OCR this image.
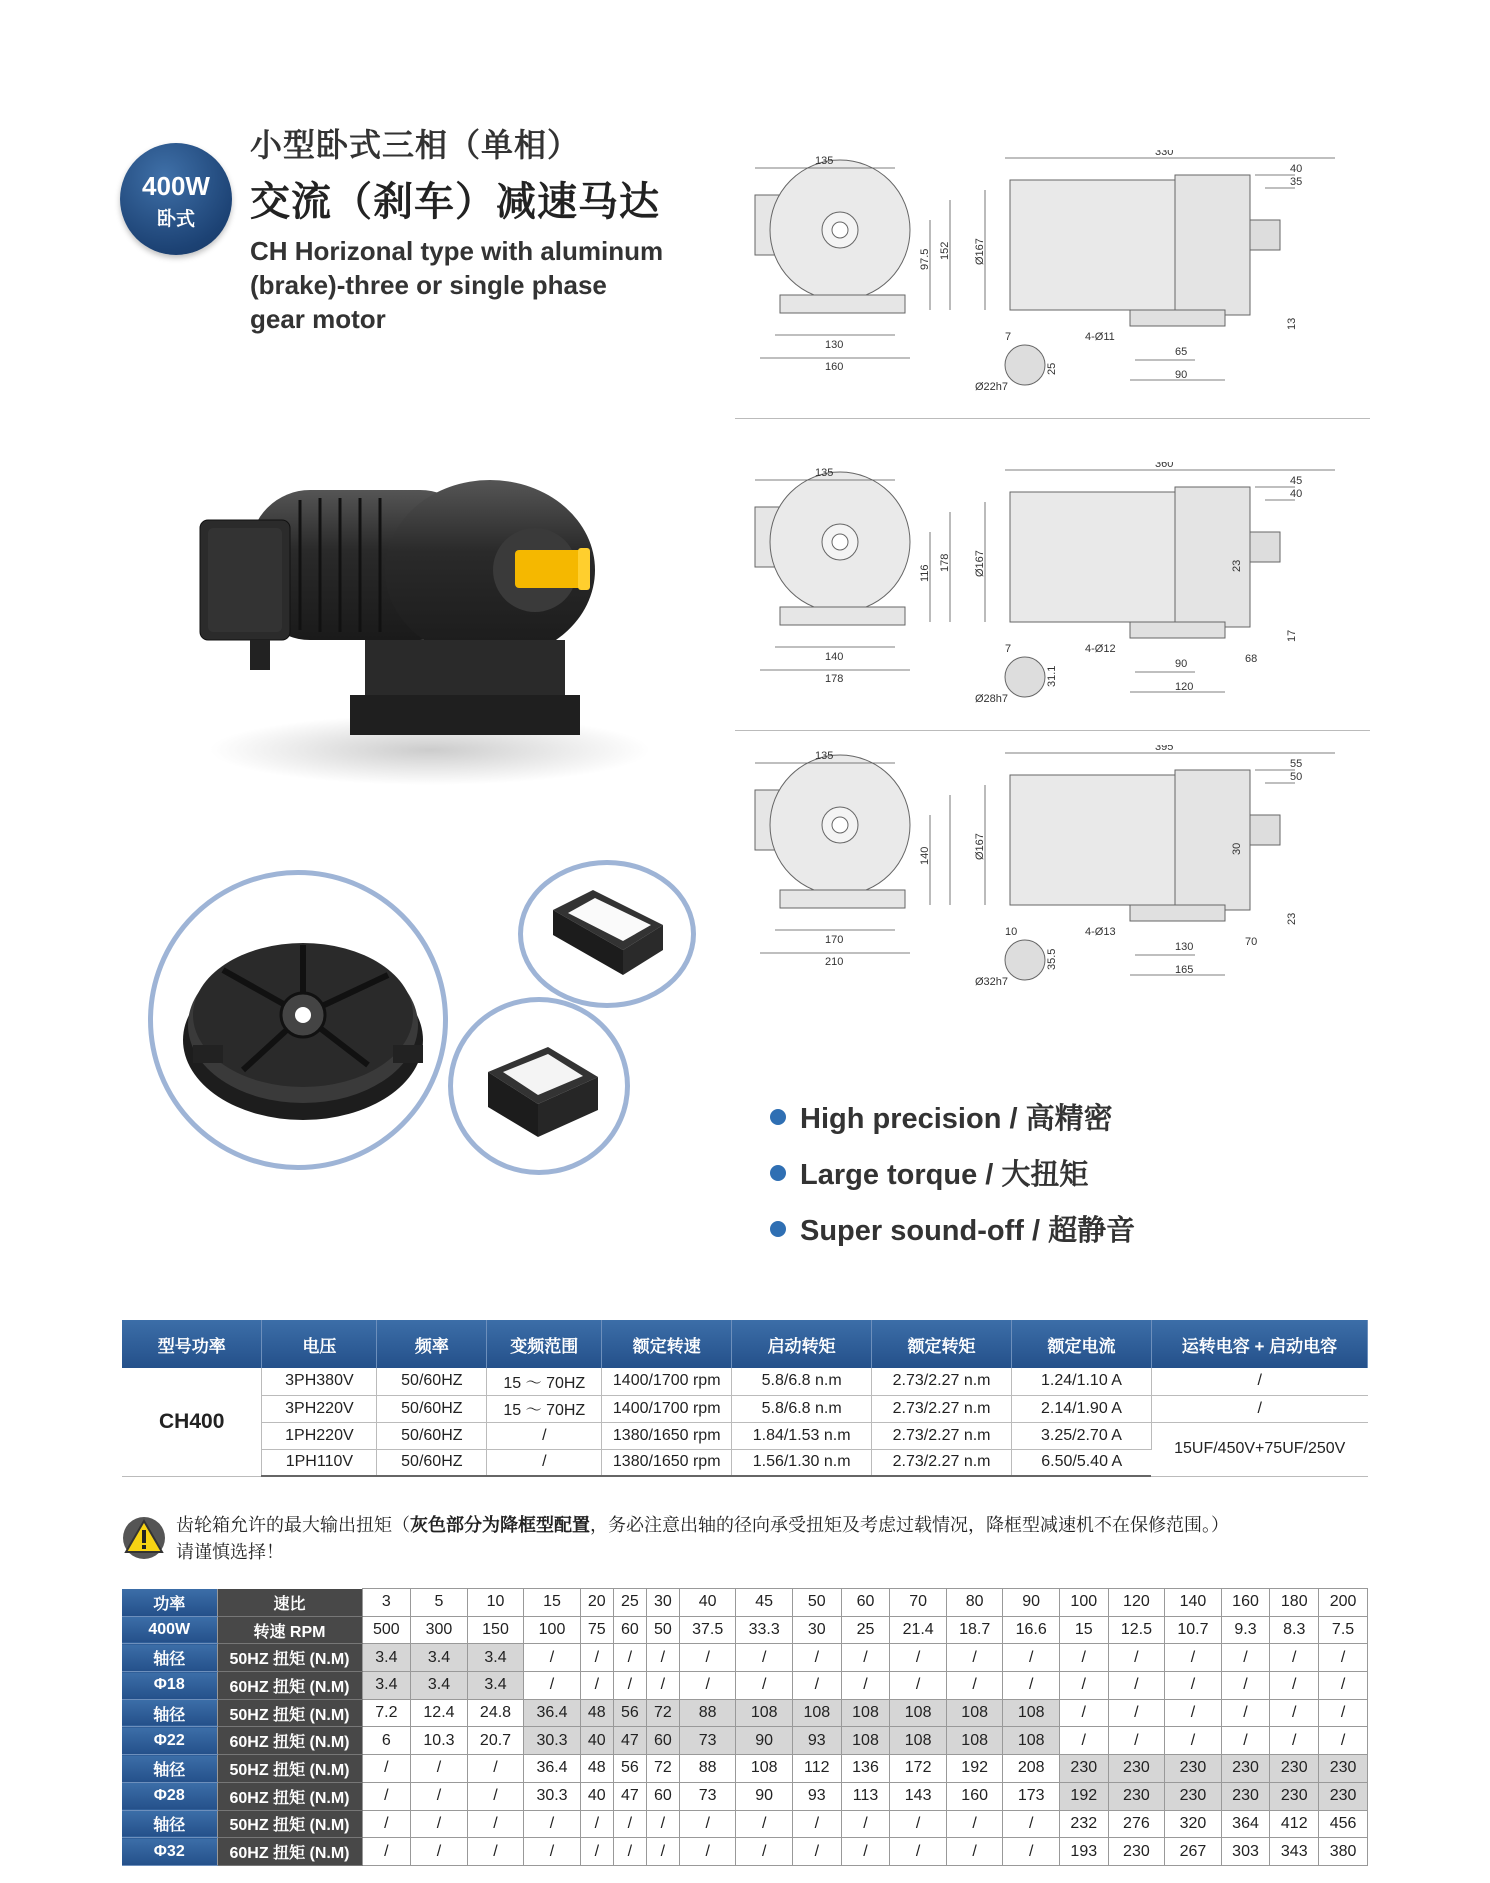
400W
卧式
小型卧式三相（单相）
交流（刹车）减速马达
CH Horizonal type with aluminum
(brake)-three or single phase
gear motor
135
130
160
97.5 152
330
40
35
Ø167
4-Ø11
65
90
13
7
Ø22h7
25
135
140
178
116
178
360
45
40
Ø167	23
4-Ø12
90
120
17
68
7
Ø28h7
31.1
135
170
210
140
395
55
50
Ø167	30
4-Ø13
130
165
23
70
10
Ø32h7
35.5
High precision / 高精密
Large torque / 大扭矩
Super sound-off / 超静音
型号功率	电压	频率	变频范围	额定转速	启动转矩	额定转矩	额定电流	运转电容 + 启动电容
CH400	3PH380V	50/60HZ	15 ～ 70HZ	1400/1700 rpm	5.8/6.8 n.m	2.73/2.27 n.m	1.24/1.10 A	/
	3PH220V	50/60HZ	15 ～ 70HZ	1400/1700 rpm	5.8/6.8 n.m	2.73/2.27 n.m	2.14/1.90 A	/
	1PH220V	50/60HZ	/	1380/1650 rpm	1.84/1.53 n.m	2.73/2.27 n.m	3.25/2.70 A	15UF/450V+75UF/250V
	1PH110V	50/60HZ	/	1380/1650 rpm	1.56/1.30 n.m	2.73/2.27 n.m	6.50/5.40 A	
齿轮箱允许的最大输出扭矩（灰色部分为降框型配置，务必注意出轴的径向承受扭矩及考虑过载情况，降框型减速机不在保修范围。）
请谨慎选择！
功率	速比	3	5	10	15	20	25	30	40	45	50	60	70	80	90	100	120	140	160	180	200
400W	转速 RPM	500	300	150	100	75	60	50	37.5	33.3	30	25	21.4	18.7	16.6	15	12.5	10.7	9.3	8.3	7.5
轴径	50HZ 扭矩 (N.M)	3.4	3.4	3.4	/	/	/	/	/	/	/	/	/	/	/	/	/	/	/	/	/
Φ18	60HZ 扭矩 (N.M)	3.4	3.4	3.4	/	/	/	/	/	/	/	/	/	/	/	/	/	/	/	/	/
轴径	50HZ 扭矩 (N.M)	7.2	12.4	24.8	36.4	48	56	72	88	108	108	108	108	108	108	/	/	/	/	/	/
Φ22	60HZ 扭矩 (N.M)	6	10.3	20.7	30.3	40	47	60	73	90	93	108	108	108	108	/	/	/	/	/	/
轴径	50HZ 扭矩 (N.M)	/	/	/	36.4	48	56	72	88	108	112	136	172	192	208	230	230	230	230	230	230
Φ28	60HZ 扭矩 (N.M)	/	/	/	30.3	40	47	60	73	90	93	113	143	160	173	192	230	230	230	230	230
轴径	50HZ 扭矩 (N.M)	/	/	/	/	/	/	/	/	/	/	/	/	/	/	232	276	320	364	412	456
Φ32	60HZ 扭矩 (N.M)	/	/	/	/	/	/	/	/	/	/	/	/	/	/	193	230	267	303	343	380
